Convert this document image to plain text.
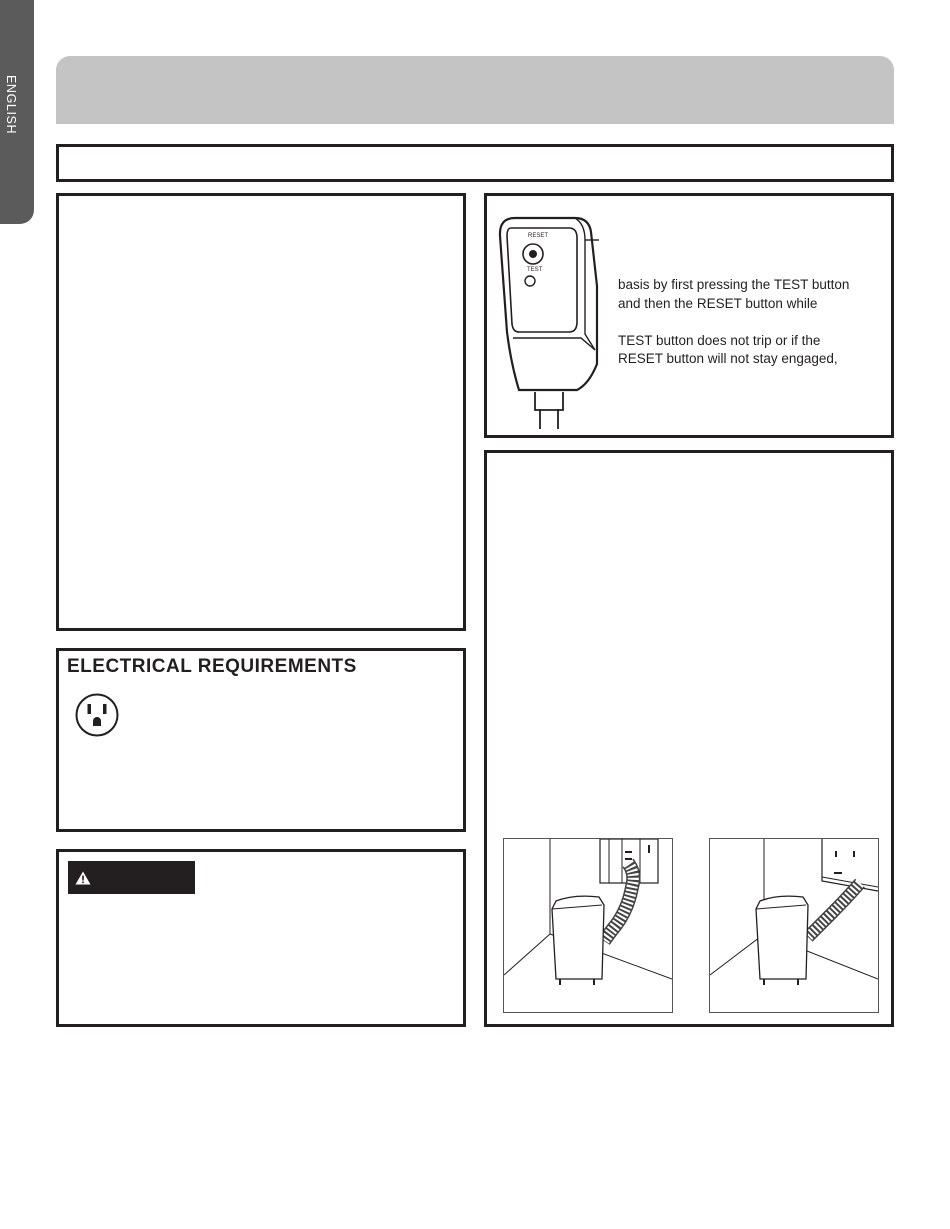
ENGLISH
ELECTRICAL REQUIREMENTS
RESET
TEST

basis by first pressing the TEST button

and then the RESET button while

TEST button does not trip or if the

RESET button will not stay engaged,
